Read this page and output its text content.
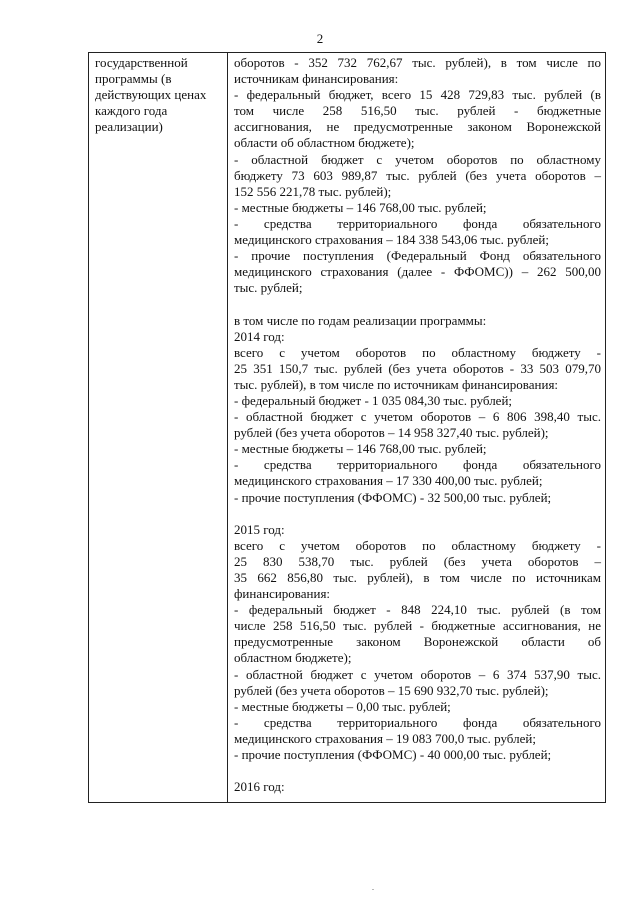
2
государственной
программы (в
действующих ценах
каждого года
реализации)
оборотов - 352 732 762,67 тыс. рублей), в том числе по
источникам финансирования:
- федеральный бюджет, всего 15 428 729,83 тыс. рублей (в
том числе 258 516,50 тыс. рублей - бюджетные
ассигнования, не предусмотренные законом Воронежской
области об областном бюджете);
- областной бюджет с учетом оборотов по областному
бюджету 73 603 989,87 тыс. рублей (без учета оборотов –
152 556 221,78 тыс. рублей);
- местные бюджеты – 146 768,00 тыс. рублей;
- средства территориального фонда обязательного
медицинского страхования – 184 338 543,06 тыс. рублей;
- прочие поступления (Федеральный Фонд обязательного
медицинского страхования (далее - ФФОМС)) – 262 500,00
тыс. рублей;
в том числе по годам реализации программы:
2014 год:
всего с учетом оборотов по областному бюджету -
25 351 150,7 тыс. рублей (без учета оборотов - 33 503 079,70
тыс. рублей), в том числе по источникам финансирования:
- федеральный бюджет - 1 035 084,30 тыс. рублей;
- областной бюджет с учетом оборотов – 6 806 398,40 тыс.
рублей (без учета оборотов – 14 958 327,40 тыс. рублей);
- местные бюджеты – 146 768,00 тыс. рублей;
- средства территориального фонда обязательного
медицинского страхования – 17 330 400,00 тыс. рублей;
- прочие поступления (ФФОМС) - 32 500,00 тыс. рублей;
2015 год:
всего с учетом оборотов по областному бюджету -
25 830 538,70 тыс. рублей (без учета оборотов –
35 662 856,80 тыс. рублей), в том числе по источникам
финансирования:
- федеральный бюджет - 848 224,10 тыс. рублей (в том
числе 258 516,50 тыс. рублей - бюджетные ассигнования, не
предусмотренные законом Воронежской области об
областном бюджете);
- областной бюджет с учетом оборотов – 6 374 537,90 тыс.
рублей (без учета оборотов – 15 690 932,70 тыс. рублей);
- местные бюджеты – 0,00 тыс. рублей;
- средства территориального фонда обязательного
медицинского страхования – 19 083 700,0 тыс. рублей;
- прочие поступления (ФФОМС) - 40 000,00 тыс. рублей;
2016 год:
